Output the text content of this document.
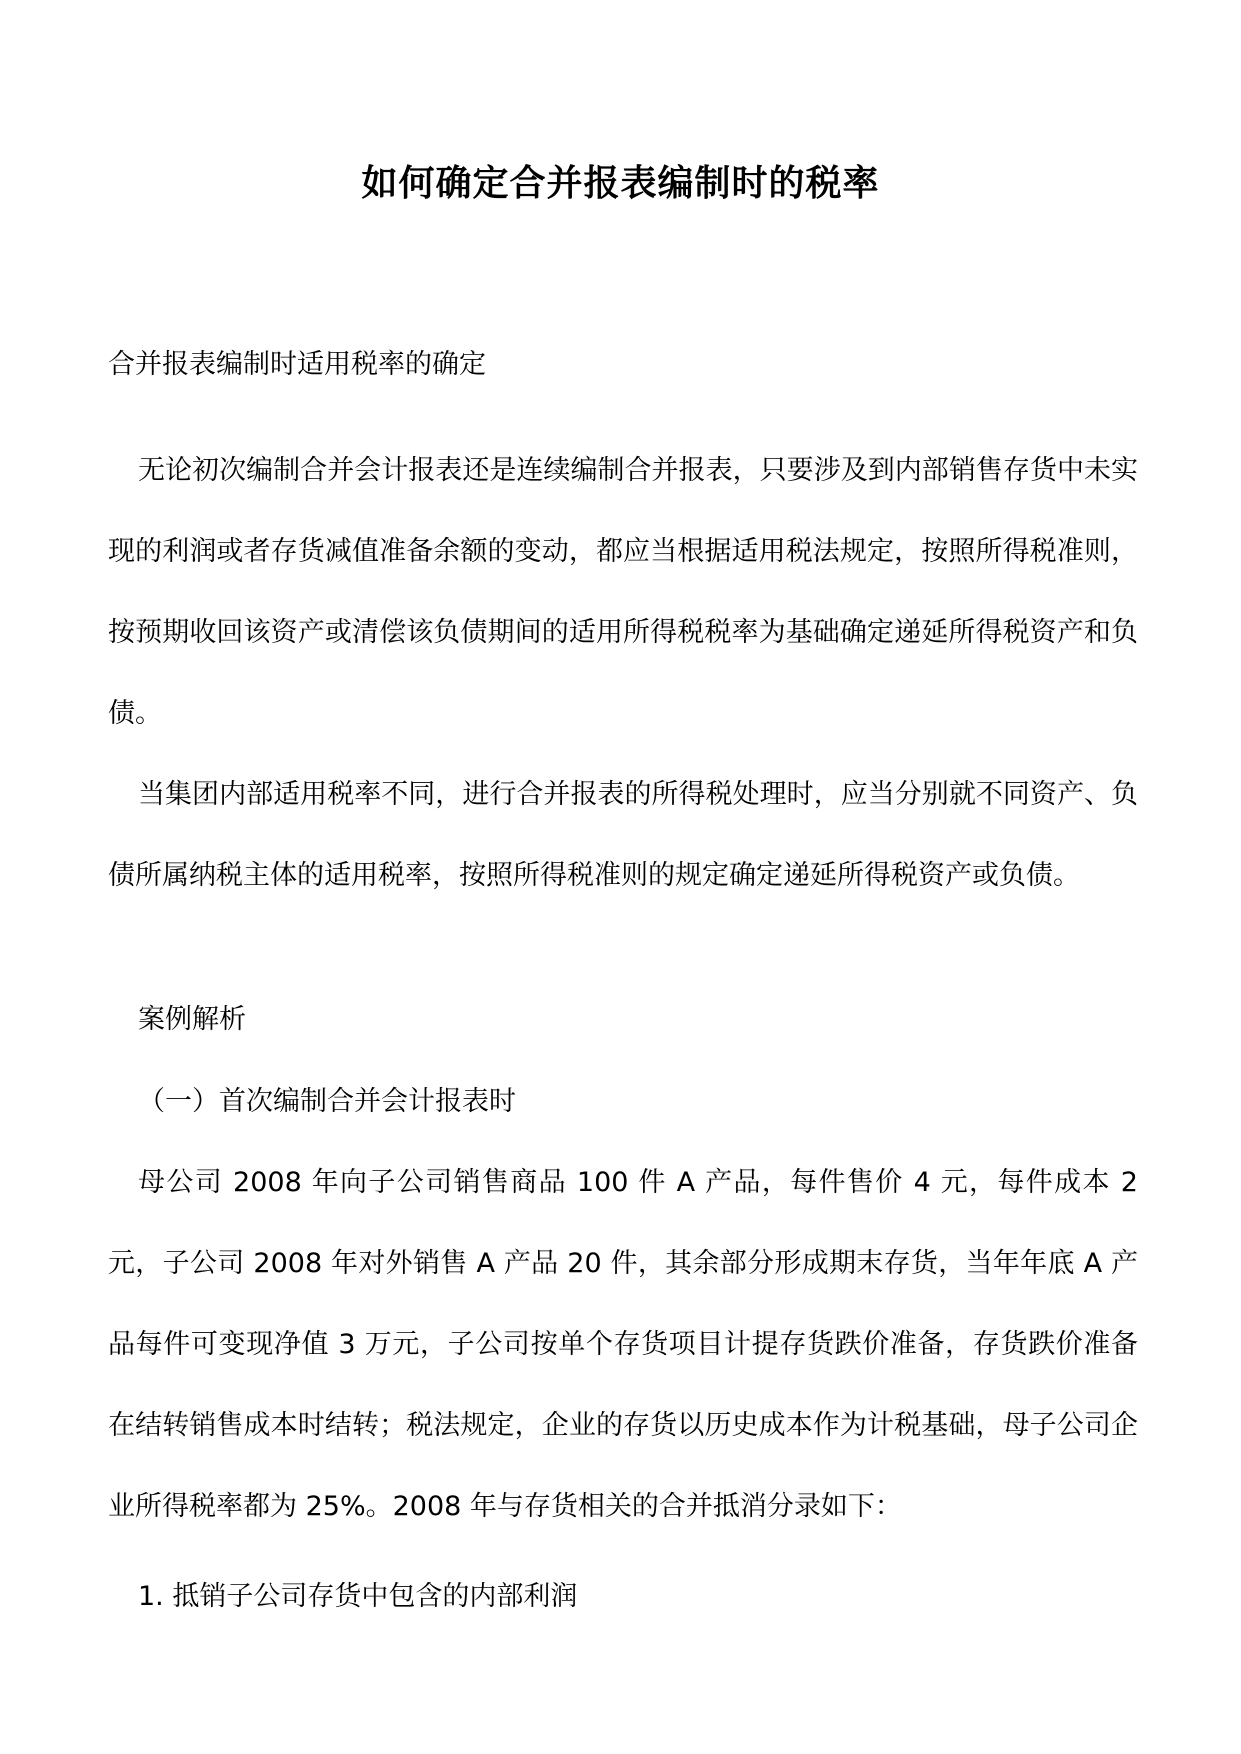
如何确定合并报表编制时的税率
合并报表编制时适用税率的确定
无论初次编制合并会计报表还是连续编制合并报表，只要涉及到内部销售存货中未实现的利润或者存货减值准备余额的变动，都应当根据适用税法规定，按照所得税准则，按预期收回该资产或清偿该负债期间的适用所得税税率为基础确定递延所得税资产和负债。
当集团内部适用税率不同，进行合并报表的所得税处理时，应当分别就不同资产、负债所属纳税主体的适用税率，按照所得税准则的规定确定递延所得税资产或负债。
案例解析
（一）首次编制合并会计报表时
母公司 2008 年向子公司销售商品 100 件 A 产品，每件售价 4 元，每件成本 2 元，子公司 2008 年对外销售 A 产品 20 件，其余部分形成期末存货，当年年底 A 产品每件可变现净值 3 万元，子公司按单个存货项目计提存货跌价准备，存货跌价准备在结转销售成本时结转；税法规定，企业的存货以历史成本作为计税基础，母子公司企业所得税率都为 25%。2008 年与存货相关的合并抵消分录如下：
1. 抵销子公司存货中包含的内部利润
